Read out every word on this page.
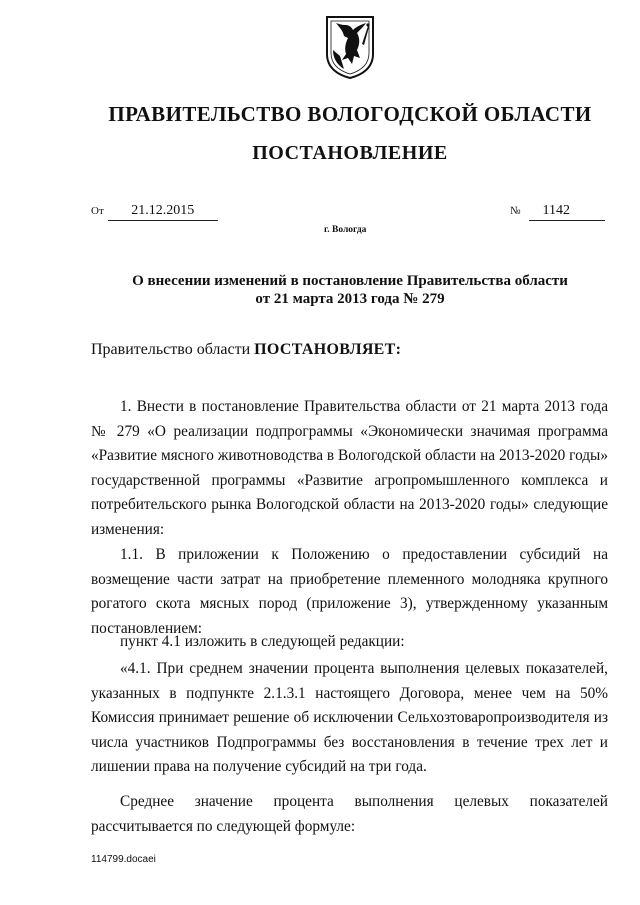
ПРАВИТЕЛЬСТВО ВОЛОГОДСКОЙ ОБЛАСТИ
ПОСТАНОВЛЕНИЕ
От 21.12.2015	№ 1142
г. Вологда
О внесении изменений в постановление Правительства области
от 21 марта 2013 года № 279
Правительство области ПОСТАНОВЛЯЕТ:
1. Внести в постановление Правительства области от 21 марта 2013 года № 279 «О реализации подпрограммы «Экономически значимая программа «Развитие мясного животноводства в Вологодской области на 2013-2020 годы» государственной программы «Развитие агропромышленного комплекса и потребительского рынка Вологодской области на 2013-2020 годы» следующие изменения:
1.1. В приложении к Положению о предоставлении субсидий на возмещение части затрат на приобретение племенного молодняка крупного рогатого скота мясных пород (приложение 3), утвержденному указанным постановлением:
пункт 4.1 изложить в следующей редакции:
«4.1. При среднем значении процента выполнения целевых показателей, указанных в подпункте 2.1.3.1 настоящего Договора, менее чем на 50% Комиссия принимает решение об исключении Сельхозтоваропроизводителя из числа участников Подпрограммы без восстановления в течение трех лет и лишении права на получение субсидий на три года.
Среднее значение процента выполнения целевых показателей рассчитывается по следующей формуле:
114799.docaei
